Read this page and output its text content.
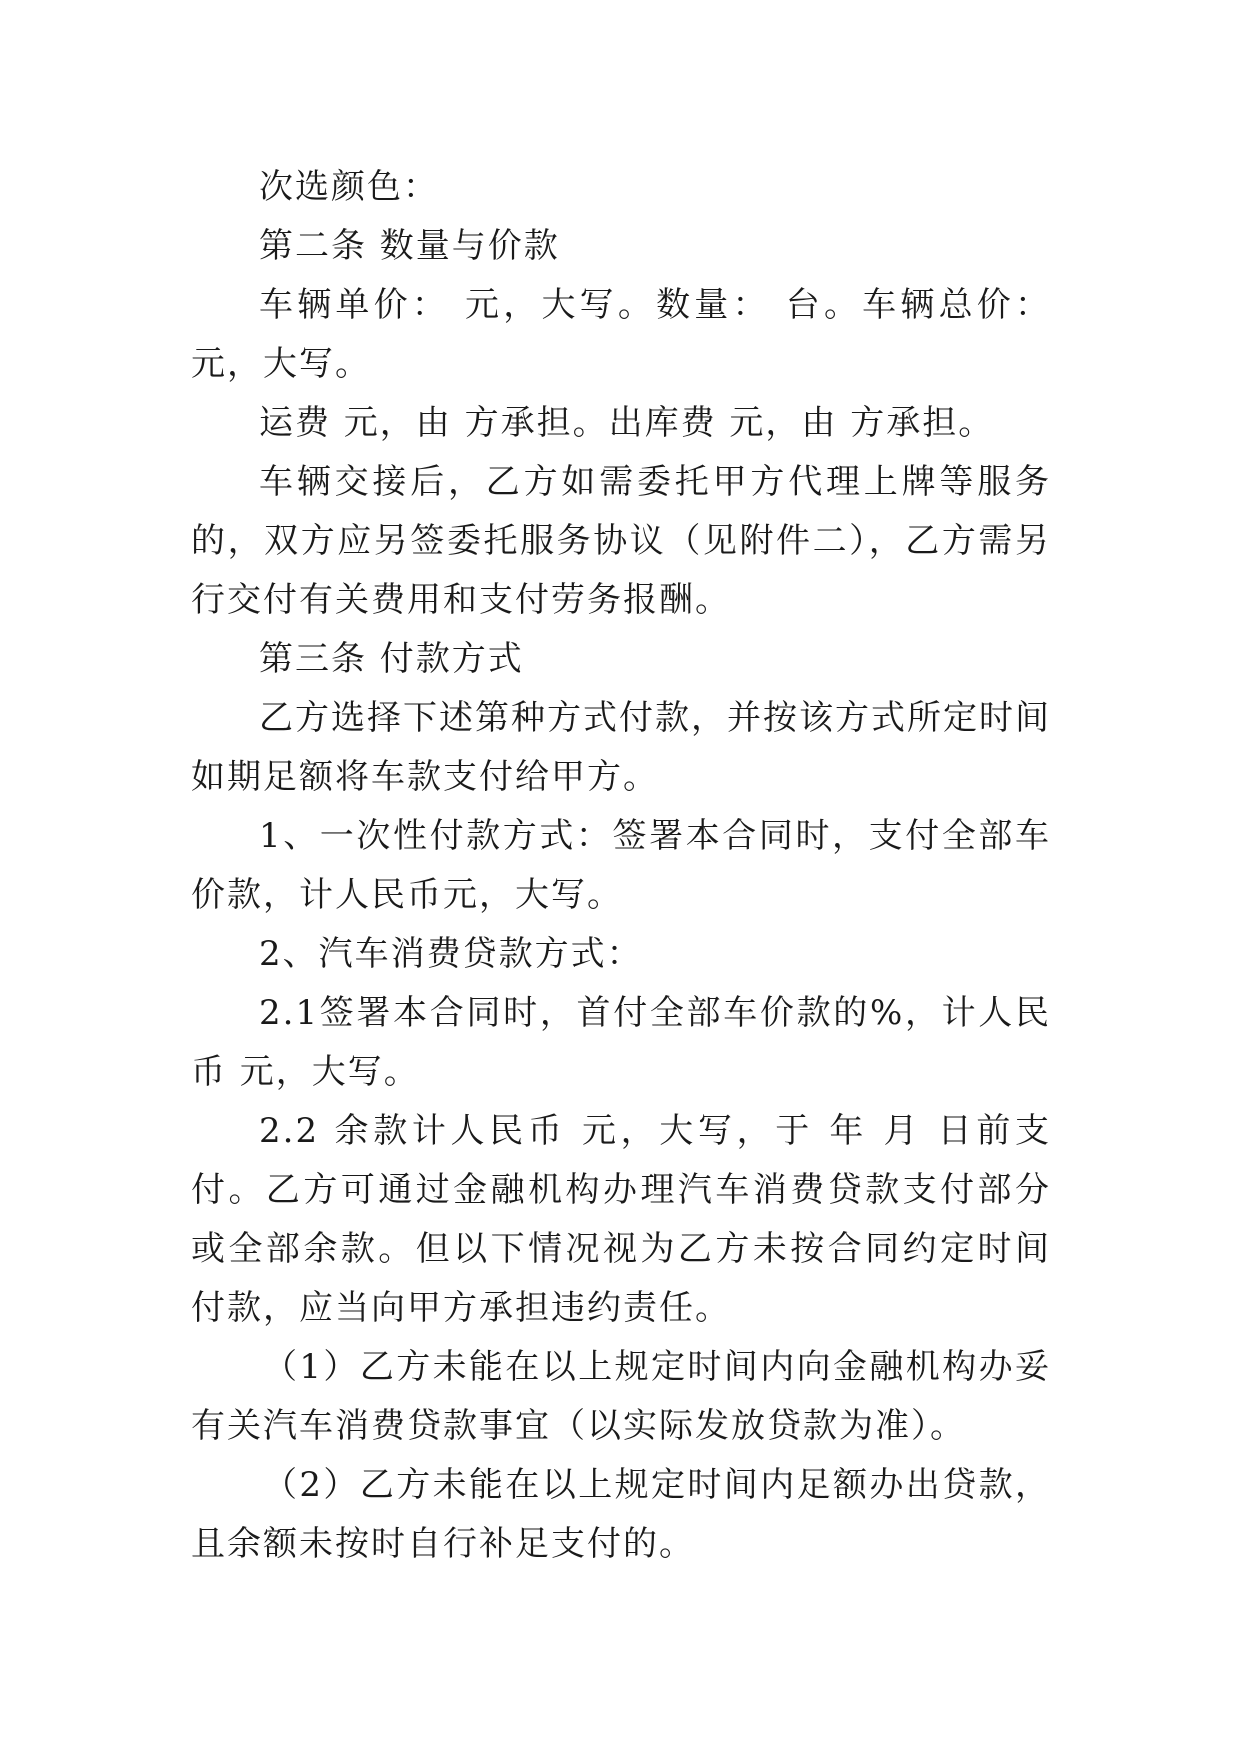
次选颜色：

第二条 数量与价款

车辆单价： 元，大写。数量： 台。车辆总价： 元，大写。

运费 元，由 方承担。出库费 元，由 方承担。

车辆交接后，乙方如需委托甲方代理上牌等服务的，双方应另签委托服务协议（见附件二），乙方需另行交付有关费用和支付劳务报酬。

第三条 付款方式

乙方选择下述第种方式付款，并按该方式所定时间如期足额将车款支付给甲方。

1、一次性付款方式：签署本合同时，支付全部车价款，计人民币元，大写。

2、汽车消费贷款方式：

2.1签署本合同时，首付全部车价款的%，计人民币 元，大写。

2.2 余款计人民币 元，大写，于 年 月 日前支付。乙方可通过金融机构办理汽车消费贷款支付部分或全部余款。但以下情况视为乙方未按合同约定时间付款，应当向甲方承担违约责任。

（1）乙方未能在以上规定时间内向金融机构办妥有关汽车消费贷款事宜（以实际发放贷款为准）。

（2）乙方未能在以上规定时间内足额办出贷款，且余额未按时自行补足支付的。
